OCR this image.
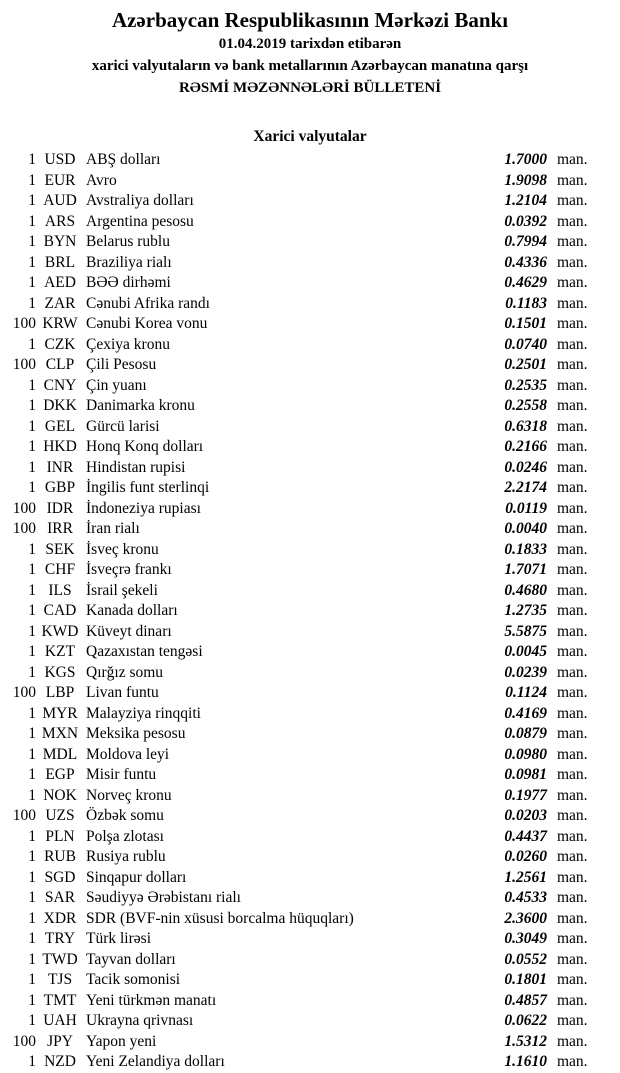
Azərbaycan Respublikasının Mərkəzi Bankı
01.04.2019 tarixdən etibarən
xarici valyutaların və bank metallarının Azərbaycan manatına qarşı
RƏSMİ MƏZƏNNƏLƏRİ BÜLLETENİ
Xarici valyutalar
1 USD ABŞ dolları	1.7000 man.
1 EUR Avro	1.9098 man.
1 AUD Avstraliya dolları	1.2104 man.
1 ARS Argentina pesosu	0.0392 man.
1 BYN Belarus rublu	0.7994 man.
1 BRL Braziliya rialı	0.4336 man.
1 AED BƏƏ dirhəmi	0.4629 man.
1 ZAR Cənubi Afrika randı	0.1183 man.
100 KRW Cənubi Korea vonu	0.1501 man.
1 CZK Çexiya kronu	0.0740 man.
100 CLP Çili Pesosu	0.2501 man.
1 CNY Çin yuanı	0.2535 man.
1 DKK Danimarka kronu	0.2558 man.
1 GEL Gürcü larisi	0.6318 man.
1 HKD Honq Konq dolları	0.2166 man.
1 INR Hindistan rupisi	0.0246 man.
1 GBP İngilis funt sterlinqi	2.2174 man.
100 IDR İndoneziya rupiası	0.0119 man.
100 IRR İran rialı	0.0040 man.
1 SEK İsveç kronu	0.1833 man.
1 CHF İsveçrə frankı	1.7071 man.
1 ILS İsrail şekeli	0.4680 man.
1 CAD Kanada dolları	1.2735 man.
1 KWD Küveyt dinarı	5.5875 man.
1 KZT Qazaxıstan tengəsi	0.0045 man.
1 KGS Qırğız somu	0.0239 man.
100 LBP Livan funtu	0.1124 man.
1 MYR Malayziya rinqqiti	0.4169 man.
1 MXN Meksika pesosu	0.0879 man.
1 MDL Moldova leyi	0.0980 man.
1 EGP Misir funtu	0.0981 man.
1 NOK Norveç kronu	0.1977 man.
100 UZS Özbək somu	0.0203 man.
1 PLN Polşa zlotası	0.4437 man.
1 RUB Rusiya rublu	0.0260 man.
1 SGD Sinqapur dolları	1.2561 man.
1 SAR Səudiyyə Ərəbistanı rialı	0.4533 man.
1 XDR SDR (BVF-nin xüsusi borcalma hüquqları)	2.3600 man.
1 TRY Türk lirəsi	0.3049 man.
1 TWD Tayvan dolları	0.0552 man.
1 TJS Tacik somonisi	0.1801 man.
1 TMT Yeni türkmən manatı	0.4857 man.
1 UAH Ukrayna qrivnası	0.0622 man.
100 JPY Yapon yeni	1.5312 man.
1 NZD Yeni Zelandiya dolları	1.1610 man.
